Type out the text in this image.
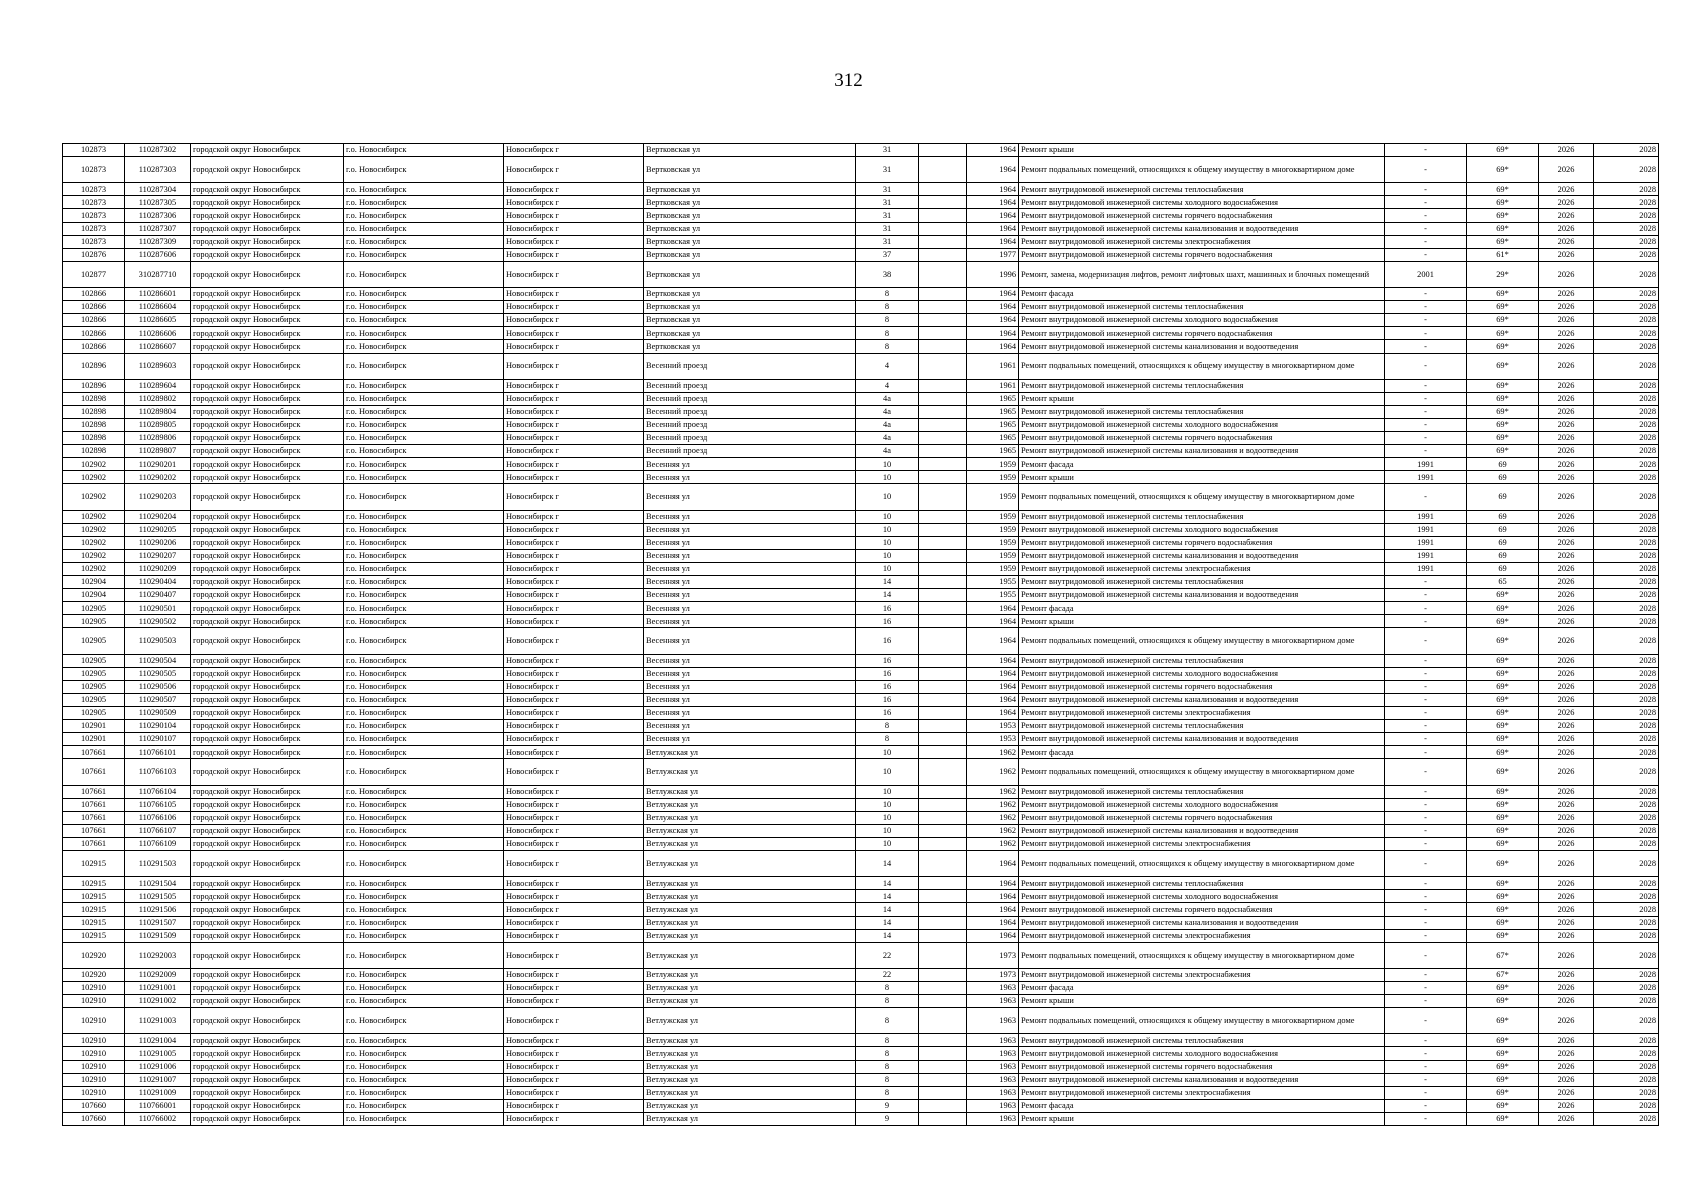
312
102873	110287302	городской округ Новосибирск	г.о. Новосибирск	Новосибирск г	Вертковская ул	31		1964	Ремонт крыши	-	69*	2026	2028
102873	110287303	городской округ Новосибирск	г.о. Новосибирск	Новосибирск г	Вертковская ул	31		1964	Ремонт подвальных помещений, относящихся к общему имуществу в многоквартирном доме	-	69*	2026	2028
102873	110287304	городской округ Новосибирск	г.о. Новосибирск	Новосибирск г	Вертковская ул	31		1964	Ремонт внутридомовой инженерной системы теплоснабжения	-	69*	2026	2028
102873	110287305	городской округ Новосибирск	г.о. Новосибирск	Новосибирск г	Вертковская ул	31		1964	Ремонт внутридомовой инженерной системы холодного водоснабжения	-	69*	2026	2028
102873	110287306	городской округ Новосибирск	г.о. Новосибирск	Новосибирск г	Вертковская ул	31		1964	Ремонт внутридомовой инженерной системы горячего водоснабжения	-	69*	2026	2028
102873	110287307	городской округ Новосибирск	г.о. Новосибирск	Новосибирск г	Вертковская ул	31		1964	Ремонт внутридомовой инженерной системы канализования и водоотведения	-	69*	2026	2028
102873	110287309	городской округ Новосибирск	г.о. Новосибирск	Новосибирск г	Вертковская ул	31		1964	Ремонт внутридомовой инженерной системы электроснабжения	-	69*	2026	2028
102876	110287606	городской округ Новосибирск	г.о. Новосибирск	Новосибирск г	Вертковская ул	37		1977	Ремонт внутридомовой инженерной системы горячего водоснабжения	-	61*	2026	2028
102877	310287710	городской округ Новосибирск	г.о. Новосибирск	Новосибирск г	Вертковская ул	38		1996	Ремонт, замена, модернизация лифтов, ремонт лифтовых шахт, машинных и блочных помещений	2001	29*	2026	2028
102866	110286601	городской округ Новосибирск	г.о. Новосибирск	Новосибирск г	Вертковская ул	8		1964	Ремонт фасада	-	69*	2026	2028
102866	110286604	городской округ Новосибирск	г.о. Новосибирск	Новосибирск г	Вертковская ул	8		1964	Ремонт внутридомовой инженерной системы теплоснабжения	-	69*	2026	2028
102866	110286605	городской округ Новосибирск	г.о. Новосибирск	Новосибирск г	Вертковская ул	8		1964	Ремонт внутридомовой инженерной системы холодного водоснабжения	-	69*	2026	2028
102866	110286606	городской округ Новосибирск	г.о. Новосибирск	Новосибирск г	Вертковская ул	8		1964	Ремонт внутридомовой инженерной системы горячего водоснабжения	-	69*	2026	2028
102866	110286607	городской округ Новосибирск	г.о. Новосибирск	Новосибирск г	Вертковская ул	8		1964	Ремонт внутридомовой инженерной системы канализования и водоотведения	-	69*	2026	2028
102896	110289603	городской округ Новосибирск	г.о. Новосибирск	Новосибирск г	Весенний проезд	4		1961	Ремонт подвальных помещений, относящихся к общему имуществу в многоквартирном доме	-	69*	2026	2028
102896	110289604	городской округ Новосибирск	г.о. Новосибирск	Новосибирск г	Весенний проезд	4		1961	Ремонт внутридомовой инженерной системы теплоснабжения	-	69*	2026	2028
102898	110289802	городской округ Новосибирск	г.о. Новосибирск	Новосибирск г	Весенний проезд	4а		1965	Ремонт крыши	-	69*	2026	2028
102898	110289804	городской округ Новосибирск	г.о. Новосибирск	Новосибирск г	Весенний проезд	4а		1965	Ремонт внутридомовой инженерной системы теплоснабжения	-	69*	2026	2028
102898	110289805	городской округ Новосибирск	г.о. Новосибирск	Новосибирск г	Весенний проезд	4а		1965	Ремонт внутридомовой инженерной системы холодного водоснабжения	-	69*	2026	2028
102898	110289806	городской округ Новосибирск	г.о. Новосибирск	Новосибирск г	Весенний проезд	4а		1965	Ремонт внутридомовой инженерной системы горячего водоснабжения	-	69*	2026	2028
102898	110289807	городской округ Новосибирск	г.о. Новосибирск	Новосибирск г	Весенний проезд	4а		1965	Ремонт внутридомовой инженерной системы канализования и водоотведения	-	69*	2026	2028
102902	110290201	городской округ Новосибирск	г.о. Новосибирск	Новосибирск г	Весенняя ул	10		1959	Ремонт фасада	1991	69	2026	2028
102902	110290202	городской округ Новосибирск	г.о. Новосибирск	Новосибирск г	Весенняя ул	10		1959	Ремонт крыши	1991	69	2026	2028
102902	110290203	городской округ Новосибирск	г.о. Новосибирск	Новосибирск г	Весенняя ул	10		1959	Ремонт подвальных помещений, относящихся к общему имуществу в многоквартирном доме	-	69	2026	2028
102902	110290204	городской округ Новосибирск	г.о. Новосибирск	Новосибирск г	Весенняя ул	10		1959	Ремонт внутридомовой инженерной системы теплоснабжения	1991	69	2026	2028
102902	110290205	городской округ Новосибирск	г.о. Новосибирск	Новосибирск г	Весенняя ул	10		1959	Ремонт внутридомовой инженерной системы холодного водоснабжения	1991	69	2026	2028
102902	110290206	городской округ Новосибирск	г.о. Новосибирск	Новосибирск г	Весенняя ул	10		1959	Ремонт внутридомовой инженерной системы горячего водоснабжения	1991	69	2026	2028
102902	110290207	городской округ Новосибирск	г.о. Новосибирск	Новосибирск г	Весенняя ул	10		1959	Ремонт внутридомовой инженерной системы канализования и водоотведения	1991	69	2026	2028
102902	110290209	городской округ Новосибирск	г.о. Новосибирск	Новосибирск г	Весенняя ул	10		1959	Ремонт внутридомовой инженерной системы электроснабжения	1991	69	2026	2028
102904	110290404	городской округ Новосибирск	г.о. Новосибирск	Новосибирск г	Весенняя ул	14		1955	Ремонт внутридомовой инженерной системы теплоснабжения	-	65	2026	2028
102904	110290407	городской округ Новосибирск	г.о. Новосибирск	Новосибирск г	Весенняя ул	14		1955	Ремонт внутридомовой инженерной системы канализования и водоотведения	-	69*	2026	2028
102905	110290501	городской округ Новосибирск	г.о. Новосибирск	Новосибирск г	Весенняя ул	16		1964	Ремонт фасада	-	69*	2026	2028
102905	110290502	городской округ Новосибирск	г.о. Новосибирск	Новосибирск г	Весенняя ул	16		1964	Ремонт крыши	-	69*	2026	2028
102905	110290503	городской округ Новосибирск	г.о. Новосибирск	Новосибирск г	Весенняя ул	16		1964	Ремонт подвальных помещений, относящихся к общему имуществу в многоквартирном доме	-	69*	2026	2028
102905	110290504	городской округ Новосибирск	г.о. Новосибирск	Новосибирск г	Весенняя ул	16		1964	Ремонт внутридомовой инженерной системы теплоснабжения	-	69*	2026	2028
102905	110290505	городской округ Новосибирск	г.о. Новосибирск	Новосибирск г	Весенняя ул	16		1964	Ремонт внутридомовой инженерной системы холодного водоснабжения	-	69*	2026	2028
102905	110290506	городской округ Новосибирск	г.о. Новосибирск	Новосибирск г	Весенняя ул	16		1964	Ремонт внутридомовой инженерной системы горячего водоснабжения	-	69*	2026	2028
102905	110290507	городской округ Новосибирск	г.о. Новосибирск	Новосибирск г	Весенняя ул	16		1964	Ремонт внутридомовой инженерной системы канализования и водоотведения	-	69*	2026	2028
102905	110290509	городской округ Новосибирск	г.о. Новосибирск	Новосибирск г	Весенняя ул	16		1964	Ремонт внутридомовой инженерной системы электроснабжения	-	69*	2026	2028
102901	110290104	городской округ Новосибирск	г.о. Новосибирск	Новосибирск г	Весенняя ул	8		1953	Ремонт внутридомовой инженерной системы теплоснабжения	-	69*	2026	2028
102901	110290107	городской округ Новосибирск	г.о. Новосибирск	Новосибирск г	Весенняя ул	8		1953	Ремонт внутридомовой инженерной системы канализования и водоотведения	-	69*	2026	2028
107661	110766101	городской округ Новосибирск	г.о. Новосибирск	Новосибирск г	Ветлужская ул	10		1962	Ремонт фасада	-	69*	2026	2028
107661	110766103	городской округ Новосибирск	г.о. Новосибирск	Новосибирск г	Ветлужская ул	10		1962	Ремонт подвальных помещений, относящихся к общему имуществу в многоквартирном доме	-	69*	2026	2028
107661	110766104	городской округ Новосибирск	г.о. Новосибирск	Новосибирск г	Ветлужская ул	10		1962	Ремонт внутридомовой инженерной системы теплоснабжения	-	69*	2026	2028
107661	110766105	городской округ Новосибирск	г.о. Новосибирск	Новосибирск г	Ветлужская ул	10		1962	Ремонт внутридомовой инженерной системы холодного водоснабжения	-	69*	2026	2028
107661	110766106	городской округ Новосибирск	г.о. Новосибирск	Новосибирск г	Ветлужская ул	10		1962	Ремонт внутридомовой инженерной системы горячего водоснабжения	-	69*	2026	2028
107661	110766107	городской округ Новосибирск	г.о. Новосибирск	Новосибирск г	Ветлужская ул	10		1962	Ремонт внутридомовой инженерной системы канализования и водоотведения	-	69*	2026	2028
107661	110766109	городской округ Новосибирск	г.о. Новосибирск	Новосибирск г	Ветлужская ул	10		1962	Ремонт внутридомовой инженерной системы электроснабжения	-	69*	2026	2028
102915	110291503	городской округ Новосибирск	г.о. Новосибирск	Новосибирск г	Ветлужская ул	14		1964	Ремонт подвальных помещений, относящихся к общему имуществу в многоквартирном доме	-	69*	2026	2028
102915	110291504	городской округ Новосибирск	г.о. Новосибирск	Новосибирск г	Ветлужская ул	14		1964	Ремонт внутридомовой инженерной системы теплоснабжения	-	69*	2026	2028
102915	110291505	городской округ Новосибирск	г.о. Новосибирск	Новосибирск г	Ветлужская ул	14		1964	Ремонт внутридомовой инженерной системы холодного водоснабжения	-	69*	2026	2028
102915	110291506	городской округ Новосибирск	г.о. Новосибирск	Новосибирск г	Ветлужская ул	14		1964	Ремонт внутридомовой инженерной системы горячего водоснабжения	-	69*	2026	2028
102915	110291507	городской округ Новосибирск	г.о. Новосибирск	Новосибирск г	Ветлужская ул	14		1964	Ремонт внутридомовой инженерной системы канализования и водоотведения	-	69*	2026	2028
102915	110291509	городской округ Новосибирск	г.о. Новосибирск	Новосибирск г	Ветлужская ул	14		1964	Ремонт внутридомовой инженерной системы электроснабжения	-	69*	2026	2028
102920	110292003	городской округ Новосибирск	г.о. Новосибирск	Новосибирск г	Ветлужская ул	22		1973	Ремонт подвальных помещений, относящихся к общему имуществу в многоквартирном доме	-	67*	2026	2028
102920	110292009	городской округ Новосибирск	г.о. Новосибирск	Новосибирск г	Ветлужская ул	22		1973	Ремонт внутридомовой инженерной системы электроснабжения	-	67*	2026	2028
102910	110291001	городской округ Новосибирск	г.о. Новосибирск	Новосибирск г	Ветлужская ул	8		1963	Ремонт фасада	-	69*	2026	2028
102910	110291002	городской округ Новосибирск	г.о. Новосибирск	Новосибирск г	Ветлужская ул	8		1963	Ремонт крыши	-	69*	2026	2028
102910	110291003	городской округ Новосибирск	г.о. Новосибирск	Новосибирск г	Ветлужская ул	8		1963	Ремонт подвальных помещений, относящихся к общему имуществу в многоквартирном доме	-	69*	2026	2028
102910	110291004	городской округ Новосибирск	г.о. Новосибирск	Новосибирск г	Ветлужская ул	8		1963	Ремонт внутридомовой инженерной системы теплоснабжения	-	69*	2026	2028
102910	110291005	городской округ Новосибирск	г.о. Новосибирск	Новосибирск г	Ветлужская ул	8		1963	Ремонт внутридомовой инженерной системы холодного водоснабжения	-	69*	2026	2028
102910	110291006	городской округ Новосибирск	г.о. Новосибирск	Новосибирск г	Ветлужская ул	8		1963	Ремонт внутридомовой инженерной системы горячего водоснабжения	-	69*	2026	2028
102910	110291007	городской округ Новосибирск	г.о. Новосибирск	Новосибирск г	Ветлужская ул	8		1963	Ремонт внутридомовой инженерной системы канализования и водоотведения	-	69*	2026	2028
102910	110291009	городской округ Новосибирск	г.о. Новосибирск	Новосибирск г	Ветлужская ул	8		1963	Ремонт внутридомовой инженерной системы электроснабжения	-	69*	2026	2028
107660	110766001	городской округ Новосибирск	г.о. Новосибирск	Новосибирск г	Ветлужская ул	9		1963	Ремонт фасада	-	69*	2026	2028
107660	110766002	городской округ Новосибирск	г.о. Новосибирск	Новосибирск г	Ветлужская ул	9		1963	Ремонт крыши	-	69*	2026	2028
